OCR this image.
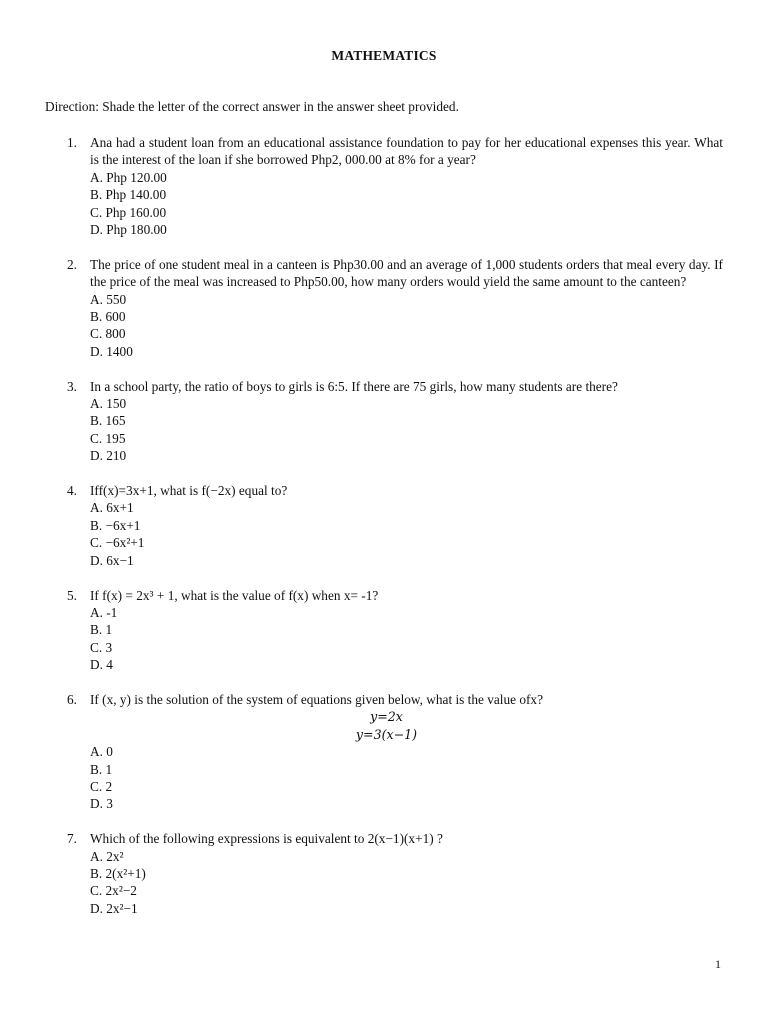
MATHEMATICS
Direction: Shade the letter of the correct answer in the answer sheet provided.
1. Ana had a student loan from an educational assistance foundation to pay for her educational expenses this year. What is the interest of the loan if she borrowed Php2, 000.00 at 8% for a year?
A. Php 120.00
B. Php 140.00
C. Php 160.00
D. Php 180.00
2. The price of one student meal in a canteen is Php30.00 and an average of 1,000 students orders that meal every day. If the price of the meal was increased to Php50.00, how many orders would yield the same amount to the canteen?
A. 550
B. 600
C. 800
D. 1400
3. In a school party, the ratio of boys to girls is 6:5. If there are 75 girls, how many students are there?
A. 150
B. 165
C. 195
D. 210
4. Iff(x)=3x+1, what is f(−2x) equal to?
A. 6x+1
B. −6x+1
C. −6x²+1
D. 6x−1
5. If f(x) = 2x³ + 1, what is the value of f(x) when x= -1?
A. -1
B. 1
C. 3
D. 4
6. If (x, y) is the solution of the system of equations given below, what is the value ofx?
y=2x
y=3(x−1)
A. 0
B. 1
C. 2
D. 3
7. Which of the following expressions is equivalent to 2(x−1)(x+1) ?
A. 2x²
B. 2(x²+1)
C. 2x²−2
D. 2x²−1
1
